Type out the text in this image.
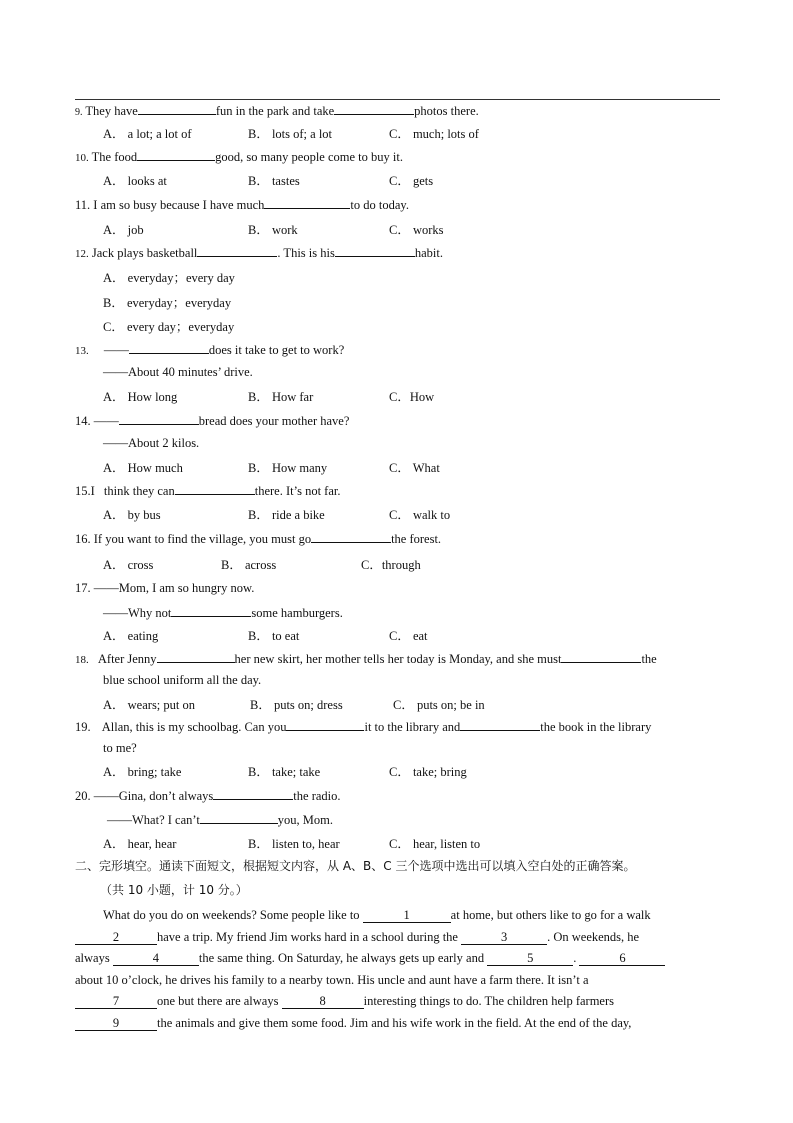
9. They have	fun in the park and take	photos there.
A． a lot; a lot of	B． lots of; a lot	C． much; lots of
10. The food	good, so many people come to buy it.
A． looks at	B． tastes	C． gets
11. I am so busy because I have much	to do today.
A． job	B． work	C． works
12. Jack plays basketball	. This is his	habit.
A． everyday；every day
B． everyday；everyday
C． every day；everyday
13. ——	does it take to get to work?
——About 40 minutes’ drive.
A． How long	B． How far	C．How
14. ——	bread does your mother have?
——About 2 kilos.
A． How much	B． How many	C． What
15.I think they can	there. It’s not far.
A． by bus	B． ride a bike	C． walk to
16. If you want to find the village, you must go	the forest.
A． cross	B． across	C．through
17. ——Mom, I am so hungry now.
——Why not	some hamburgers.
A． eating	B． to eat	C． eat
18. After Jenny	her new skirt, her mother tells her today is Monday, and she must	the
blue school uniform all the day.
A． wears; put on	B． puts on; dress	C． puts on; be in
19. Allan, this is my schoolbag. Can you	it to the library and	the book in the library
to me?
A． bring; take	B． take; take	C． take; bring
20. ——Gina, don’t always	the radio.
——What? I can’t	you, Mom.
A． hear, hear	B． listen to, hear	C． hear, listen to
二、完形填空。通读下面短文，根据短文内容，从 A、B、C 三个选项中选出可以填入空白处的正确答案。
（共 10 小题，计 10 分。）
What do you do on weekends? Some people like to	1	at home, but others like to go for a walk
2	have a trip. My friend Jim works hard in a school during the	3	. On weekends, he
always	4	the same thing. On Saturday, he always gets up early and	5	.	6
about 10 o’clock, he drives his family to a nearby town. His uncle and aunt have a farm there. It isn’t a
7	one but there are always	8	interesting things to do. The children help farmers
9	the animals and give them some food. Jim and his wife work in the field. At the end of the day,
